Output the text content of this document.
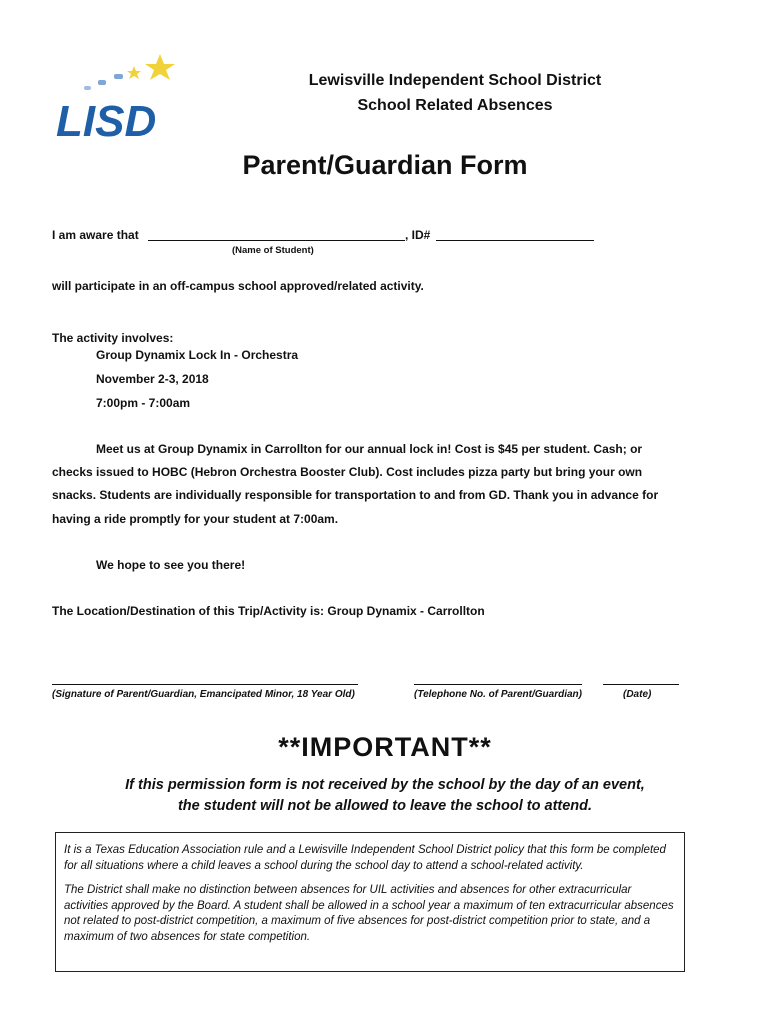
LISD
Lewisville Independent School District
School Related Absences
Parent/Guardian Form
I am aware that	, ID#
(Name of Student)
will participate in an off-campus school approved/related activity.
The activity involves:
Group Dynamix Lock In - Orchestra
November 2-3, 2018
7:00pm - 7:00am
Meet us at Group Dynamix in Carrollton for our annual lock in! Cost is $45 per student. Cash; or
checks issued to HOBC (Hebron Orchestra Booster Club). Cost includes pizza party but bring your own
snacks. Students are individually responsible for transportation to and from GD. Thank you in advance for
having a ride promptly for your student at 7:00am.
We hope to see you there!
The Location/Destination of this Trip/Activity is: Group Dynamix - Carrollton
(Signature of Parent/Guardian, Emancipated Minor, 18 Year Old)	(Telephone No. of Parent/Guardian)	(Date)
**IMPORTANT**
If this permission form is not received by the school by the day of an event,
the student will not be allowed to leave the school to attend.

It is a Texas Education Association rule and a Lewisville Independent School District policy that this form be completed for all situations where a child leaves a school during the school day to attend a school-related activity.

The District shall make no distinction between absences for UIL activities and absences for other extracurricular activities approved by the Board. A student shall be allowed in a school year a maximum of ten extracurricular absences not related to post-district competition, a maximum of five absences for post-district competition prior to state, and a maximum of two absences for state competition.
